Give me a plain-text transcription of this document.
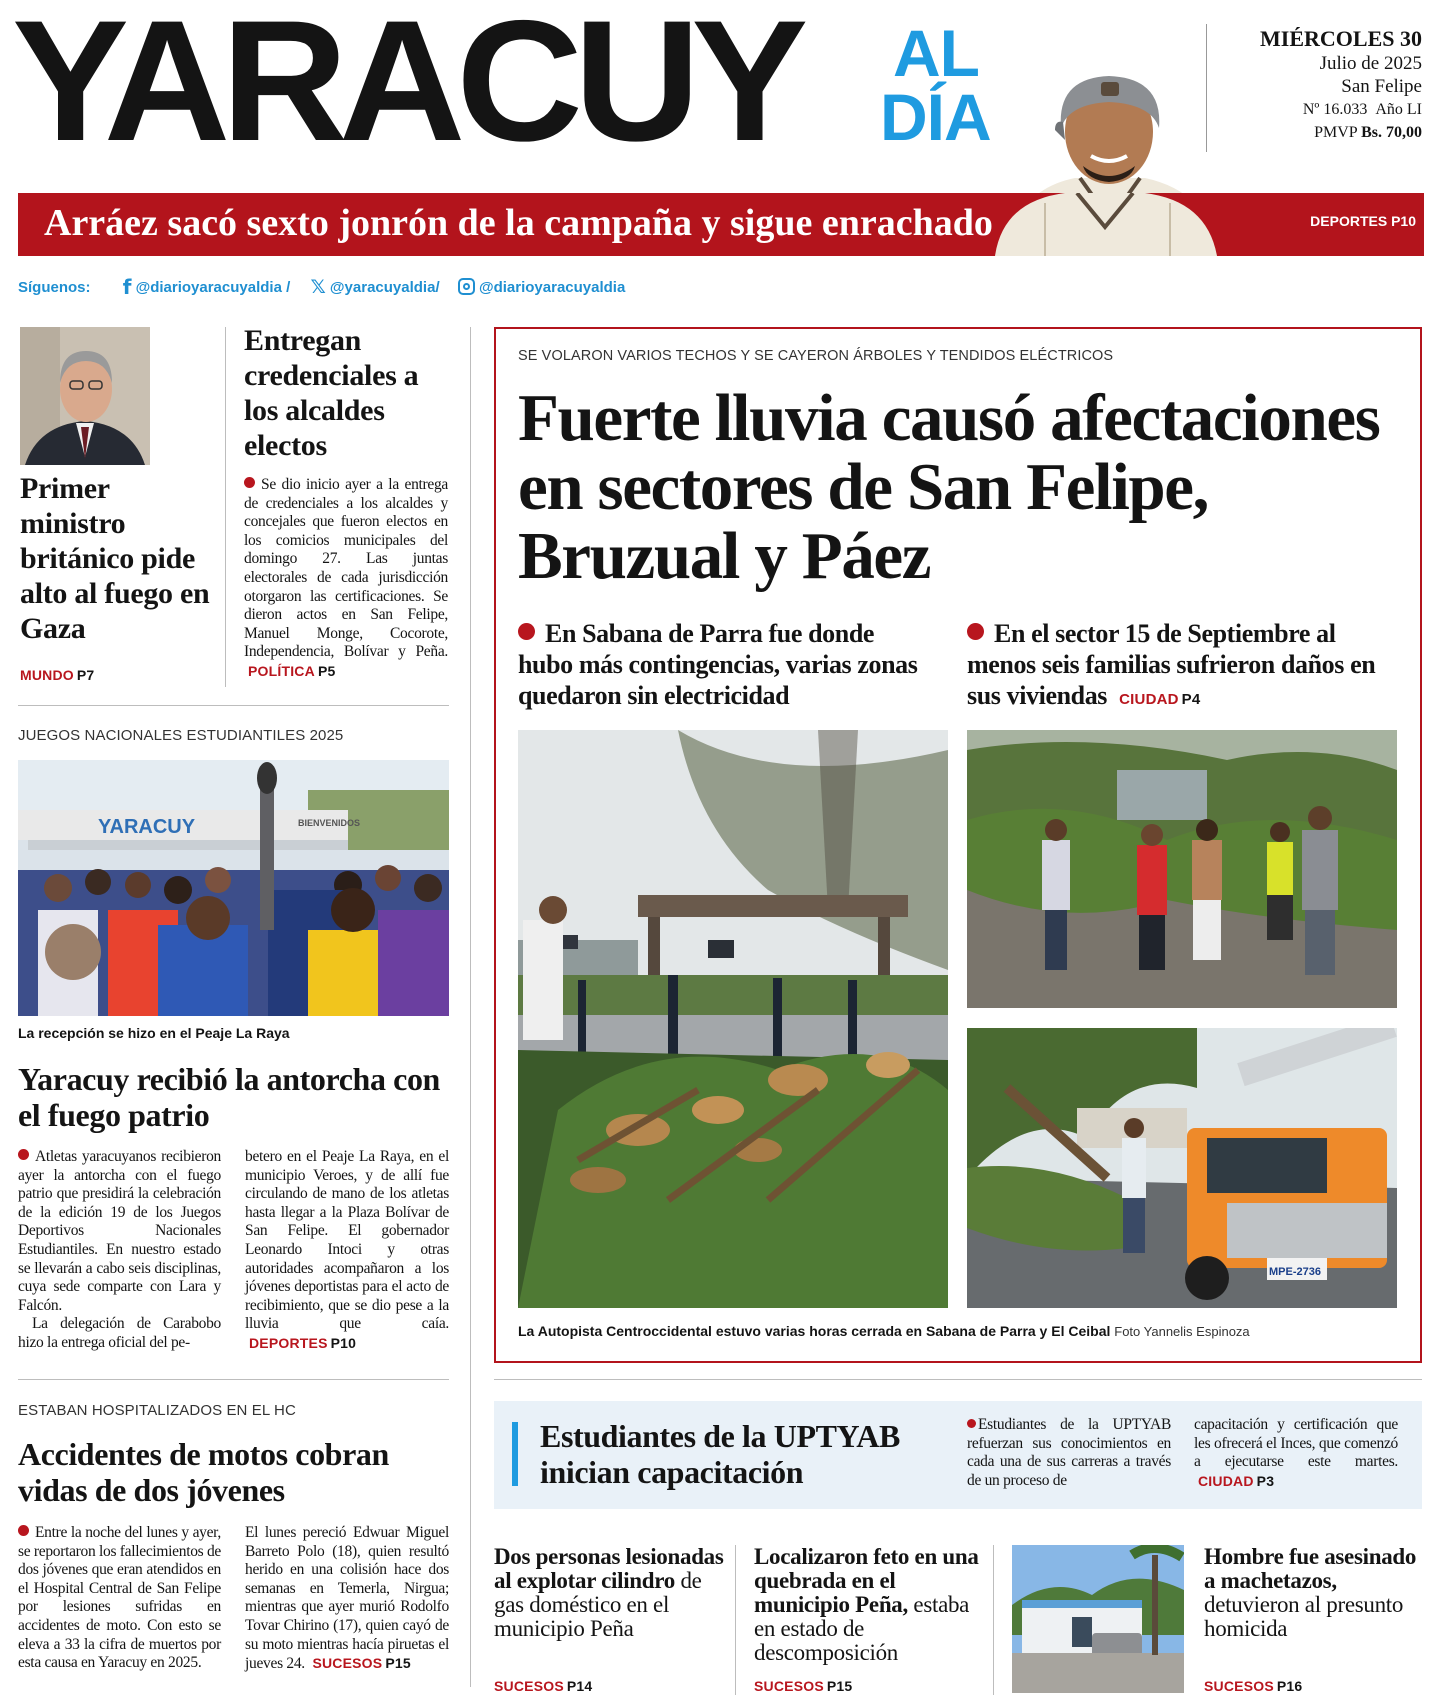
YARACUY	AL
DÍA
MIÉRCOLES 30
Julio de 2025
San Felipe
Nº 16.033 Año LI
PMVP Bs. 70,00
Arráez sacó sexto jonrón de la campaña y sigue enrachado	DEPORTES P10
Síguenos: f @diarioyaracuyaldia / 𝕏 @yaracuyaldia/	@diarioyaracuyaldia
Primer ministro británico pide alto al fuego en Gaza
MUNDO P7
Entregan credenciales a los alcaldes electos
Se dio inicio ayer a la entrega de credenciales a los alcaldes y concejales que fueron electos en los comicios municipales del domingo 27. Las juntas electorales de cada jurisdicción otorgaron las certificaciones. Se dieron actos en San Felipe, Manuel Monge, Cocorote, Independencia, Bolívar y Peña. POLÍTICA P5
JUEGOS NACIONALES ESTUDIANTILES 2025
YARACUY	BIENVENIDOS
La recepción se hizo en el Peaje La Raya
Yaracuy recibió la antorcha con el fuego patrio
Atletas yaracuyanos recibieron ayer la antorcha con el fuego patrio que presidirá la celebración de la edición 19 de los Juegos Deportivos Nacionales Estudiantiles. En nuestro estado se llevarán a cabo seis disciplinas, cuya sede comparte con Lara y Falcón.
La delegación de Carabobo hizo la entrega oficial del pe-
betero en el Peaje La Raya, en el municipio Veroes, y de allí fue circulando de mano de los atletas hasta llegar a la Plaza Bolívar de San Felipe. El gobernador Leonardo Intoci y otras autoridades acompañaron a los jóvenes deportistas para el acto de recibimiento, que se dio pese a la lluvia que caía. DEPORTES P10
ESTABAN HOSPITALIZADOS EN EL HC
Accidentes de motos cobran vidas de dos jóvenes
Entre la noche del lunes y ayer, se reportaron los fallecimientos de dos jóvenes que eran atendidos en el Hospital Central de San Felipe por lesiones sufridas en accidentes de moto. Con esto se eleva a 33 la cifra de muertos por esta causa en Yaracuy en 2025.
El lunes pereció Edwuar Miguel Barreto Polo (18), quien resultó herido en una colisión hace dos semanas en Temerla, Nirgua; mientras que ayer murió Rodolfo Tovar Chirino (17), quien cayó de su moto mientras hacía piruetas el jueves 24. SUCESOS P15
SE VOLARON VARIOS TECHOS Y SE CAYERON ÁRBOLES Y TENDIDOS ELÉCTRICOS
Fuerte lluvia causó afectaciones en sectores de San Felipe, Bruzual y Páez
En Sabana de Parra fue donde hubo más contingencias, varias zonas quedaron sin electricidad
En el sector 15 de Septiembre al menos seis familias sufrieron daños en sus viviendas CIUDAD P4
MPE-2736
La Autopista Centroccidental estuvo varias horas cerrada en Sabana de Parra y El Ceibal Foto Yannelis Espinoza
Estudiantes de la UPTYAB inician capacitación
Estudiantes de la UPTYAB refuerzan sus conocimientos en cada una de sus carreras a través de un proceso de
capacitación y certificación que les ofrecerá el Inces, que comenzó a ejecutarse este martes. CIUDAD P3
Dos personas lesionadas al explotar cilindro de gas doméstico en el municipio Peña
SUCESOS P14
Localizaron feto en una quebrada en el municipio Peña, estaba en estado de descomposición
SUCESOS P15
Hombre fue asesinado a machetazos, detuvieron al presunto homicida
SUCESOS P16
